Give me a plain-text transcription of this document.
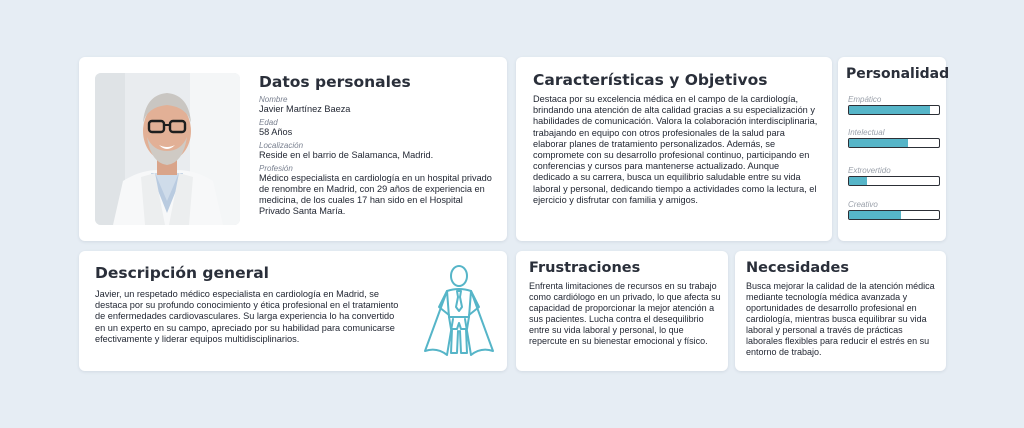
Datos personales
Nombre
Javier Martínez Baeza
Edad
58 Años
Localización
Reside en el barrio de Salamanca, Madrid.
Profesión
Médico especialista en cardiología en un hospital privado de renombre en Madrid, con 29 años de experiencia en medicina, de los cuales 17 han sido en el Hospital Privado Santa María.
Características y Objetivos
Destaca por su excelencia médica en el campo de la cardiología, brindando una atención de alta calidad gracias a su especialización y habilidades de comunicación. Valora la colaboración interdisciplinaria, trabajando en equipo con otros profesionales de la salud para elaborar planes de tratamiento personalizados. Además, se compromete con su desarrollo profesional continuo, participando en conferencias y cursos para mantenerse actualizado. Aunque dedicado a su carrera, busca un equilibrio saludable entre su vida laboral y personal, dedicando tiempo a actividades como la lectura, el ejercicio y disfrutar con familia y amigos.
Personalidad
Empático
Intelectual
Extrovertido
Creativo
Descripción general
Javier, un respetado médico especialista en cardiología en Madrid, se destaca por su profundo conocimiento y ética profesional en el tratamiento de enfermedades cardiovasculares. Su larga experiencia lo ha convertido en un experto en su campo, apreciado por su habilidad para comunicarse efectivamente y liderar equipos multidisciplinarios.
Frustraciones
Enfrenta limitaciones de recursos en su trabajo como cardiólogo en un privado, lo que afecta su capacidad de proporcionar la mejor atención a sus pacientes. Lucha contra el desequilibrio entre su vida laboral y personal, lo que repercute en su bienestar emocional y físico.
Necesidades
Busca mejorar la calidad de la atención médica mediante tecnología médica avanzada y oportunidades de desarrollo profesional en cardiología, mientras busca equilibrar su vida laboral y personal a través de prácticas laborales flexibles para reducir el estrés en su entorno de trabajo.
